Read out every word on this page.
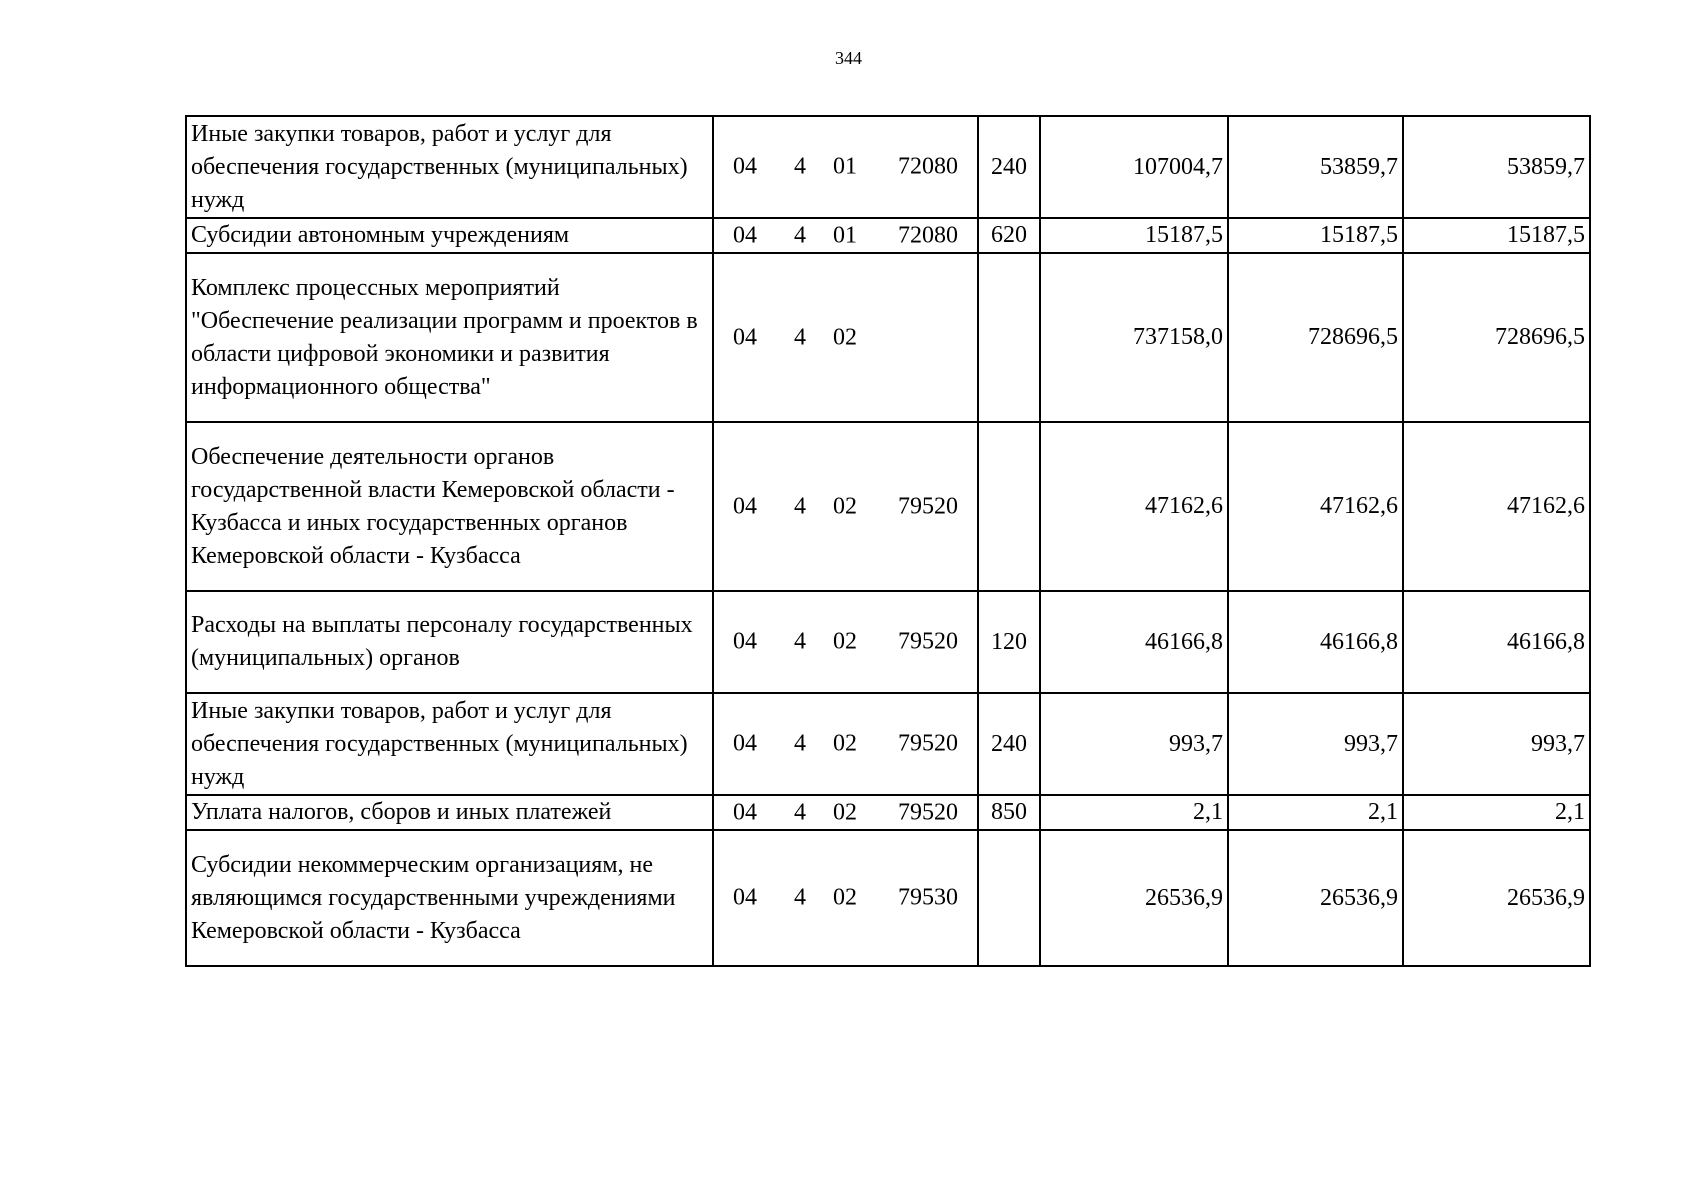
344
Иные закупки товаров, работ и услуг для обеспечения государственных (муниципальных) нужд	04 4 01 72080	240	107004,7	53859,7	53859,7
Субсидии автономным учреждениям	04 4 01 72080	620	15187,5	15187,5	15187,5
Комплекс процессных мероприятий "Обеспечение реализации программ и проектов в области цифровой экономики и развития информационного общества"	04 4 02		737158,0	728696,5	728696,5
Обеспечение деятельности органов государственной власти Кемеровской области - Кузбасса и иных государственных органов Кемеровской области - Кузбасса	04 4 02 79520		47162,6	47162,6	47162,6
Расходы на выплаты персоналу государственных (муниципальных) органов	04 4 02 79520	120	46166,8	46166,8	46166,8
Иные закупки товаров, работ и услуг для обеспечения государственных (муниципальных) нужд	04 4 02 79520	240	993,7	993,7	993,7
Уплата налогов, сборов и иных платежей	04 4 02 79520	850	2,1	2,1	2,1
Субсидии некоммерческим организациям, не являющимся государственными учреждениями Кемеровской области - Кузбасса	04 4 02 79530		26536,9	26536,9	26536,9
